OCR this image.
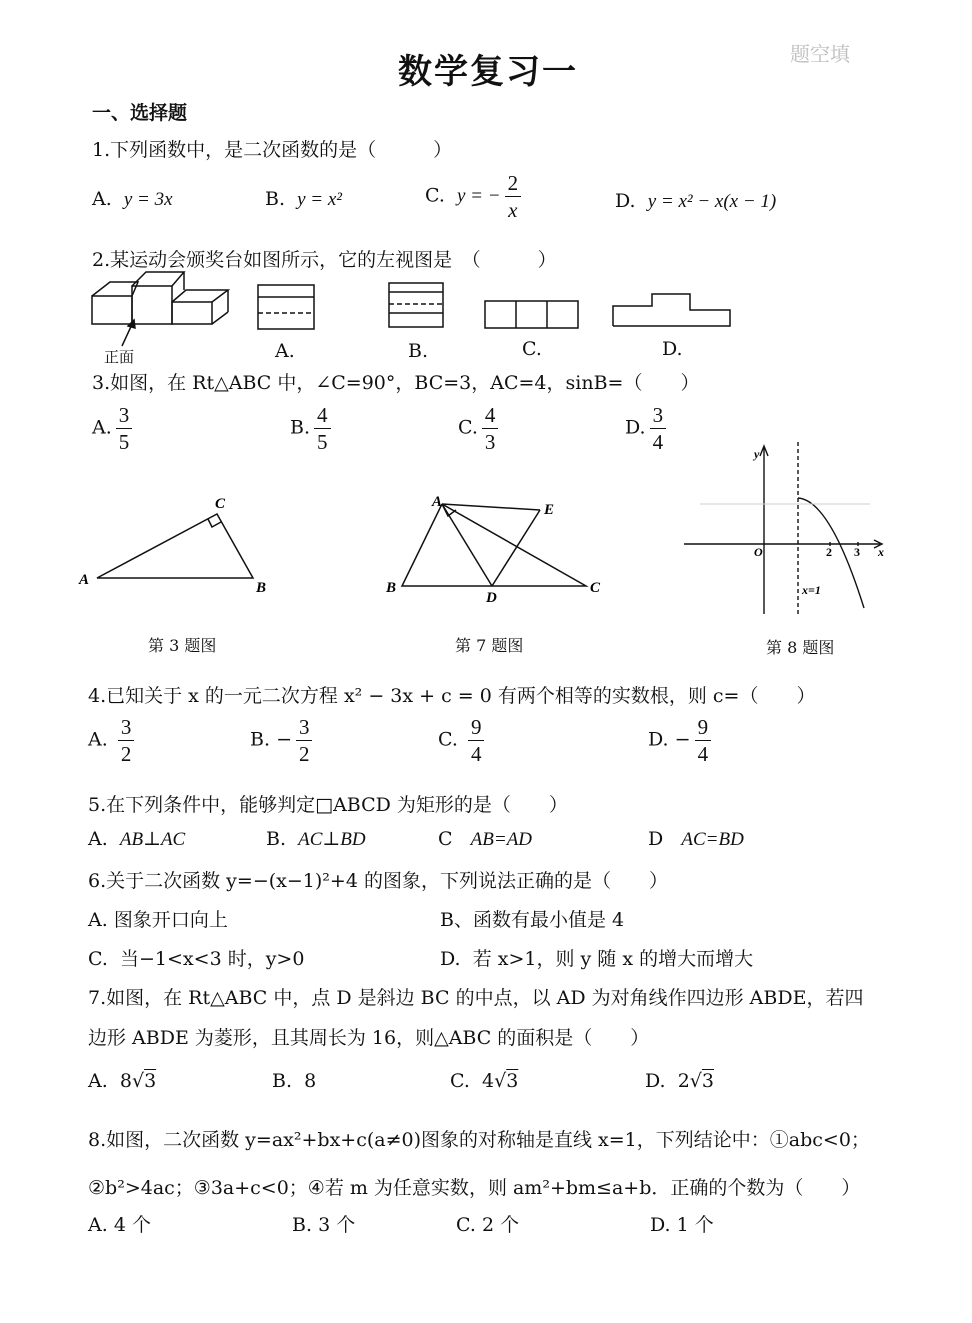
数学复习一	题空填
一、选择题
1.下列函数中，是二次函数的是（　　　）
A. y = 3x	B. y = x²	C. y = − $\frac{2}{x}$	D. y = x² − x(x − 1)
2.某运动会颁奖台如图所示，它的左视图是　（　　　）
正面	A.	B.	C.	D.
3.如图，在 Rt△ABC 中，∠C=90°，BC=3，AC=4，sinB=（　　）
A. $\frac{3}{5}$	B. $\frac{4}{5}$	C. $\frac{4}{3}$	D. $\frac{3}{4}$
A
C
B
第 3 题图
A	E
B
D
C
第 7 题图
y
x
O	2 3
x=1
第 8 题图
4.已知关于 x 的一元二次方程 x² − 3x + c = 0 有两个相等的实数根，则 c=（　　）
A. $\frac{3}{2}$	B. − $\frac{3}{2}$	C. $\frac{9}{4}$	D. − $\frac{9}{4}$
5.在下列条件中，能够判定□ABCD 为矩形的是（　　）
A. AB⊥AC	B. AC⊥BD	C AB=AD	D AC=BD
6.关于二次函数 y=−(x−1)²+4 的图象，下列说法正确的是（　　）
A. 图象开口向上	B、函数有最小值是 4
C. 当−1<x<3 时，y>0	D. 若 x>1，则 y 随 x 的增大而增大
7.如图，在 Rt△ABC 中，点 D 是斜边 BC 的中点，以 AD 为对角线作四边形 ABDE，若四
边形 ABDE 为菱形，且其周长为 16，则△ABC 的面积是（　　）
A. 8√3	B. 8	C. 4√3	D. 2√3
8.如图，二次函数 y=ax²+bx+c(a≠0)图象的对称轴是直线 x=1，下列结论中：①abc<0；
②b²>4ac；③3a+c<0；④若 m 为任意实数，则 am²+bm≤a+b．正确的个数为（　　）
A. 4 个	B. 3 个	C. 2 个	D. 1 个
